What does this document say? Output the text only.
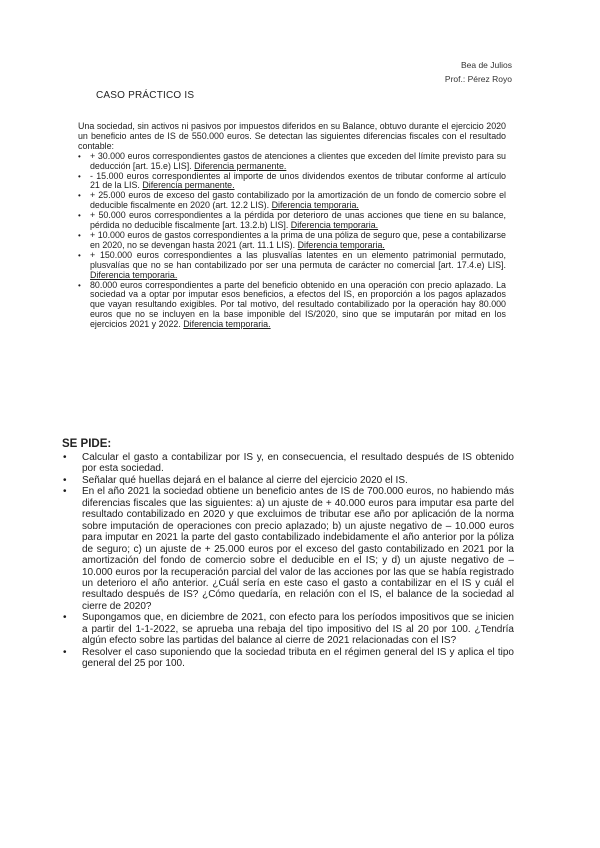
Bea de Julios
Prof.: Pérez Royo
CASO PRÁCTICO IS

Una sociedad, sin activos ni pasivos por impuestos diferidos en su Balance, obtuvo durante el ejercicio 2020 un beneficio antes de IS de 550.000 euros. Se detectan las siguientes diferencias fiscales con el resultado contable:

• + 30.000 euros correspondientes gastos de atenciones a clientes que exceden del límite previsto para su deducción [art. 15.e) LIS]. Diferencia permanente.
• - 15.000 euros correspondientes al importe de unos dividendos exentos de tributar conforme al artículo 21 de la LIS. Diferencia permanente.
• + 25.000 euros de exceso del gasto contabilizado por la amortización de un fondo de comercio sobre el deducible fiscalmente en 2020 (art. 12.2 LIS). Diferencia temporaria.
• + 50.000 euros correspondientes a la pérdida por deterioro de unas acciones que tiene en su balance, pérdida no deducible fiscalmente [art. 13.2.b) LIS]. Diferencia temporaria.
• + 10.000 euros de gastos correspondientes a la prima de una póliza de seguro que, pese a contabilizarse en 2020, no se devengan hasta 2021 (art. 11.1 LIS). Diferencia temporaria.
• + 150.000 euros correspondientes a las plusvalías latentes en un elemento patrimonial permutado, plusvalías que no se han contabilizado por ser una permuta de carácter no comercial [art. 17.4.e) LIS]. Diferencia temporaria.
• 80.000 euros correspondientes a parte del beneficio obtenido en una operación con precio aplazado. La sociedad va a optar por imputar esos beneficios, a efectos del IS, en proporción a los pagos aplazados que vayan resultando exigibles. Por tal motivo, del resultado contabilizado por la operación hay 80.000 euros que no se incluyen en la base imponible del IS/2020, sino que se imputarán por mitad en los ejercicios 2021 y 2022. Diferencia temporaria.
SE PIDE:
• Calcular el gasto a contabilizar por IS y, en consecuencia, el resultado después de IS obtenido por esta sociedad.
• Señalar qué huellas dejará en el balance al cierre del ejercicio 2020 el IS.
• En el año 2021 la sociedad obtiene un beneficio antes de IS de 700.000 euros, no habiendo más diferencias fiscales que las siguientes: a) un ajuste de + 40.000 euros para imputar esa parte del resultado contabilizado en 2020 y que excluimos de tributar ese año por aplicación de la norma sobre imputación de operaciones con precio aplazado; b) un ajuste negativo de – 10.000 euros para imputar en 2021 la parte del gasto contabilizado indebidamente el año anterior por la póliza de seguro; c) un ajuste de + 25.000 euros por el exceso del gasto contabilizado en 2021 por la amortización del fondo de comercio sobre el deducible en el IS; y d) un ajuste negativo de – 10.000 euros por la recuperación parcial del valor de las acciones por las que se había registrado un deterioro el año anterior. ¿Cuál sería en este caso el gasto a contabilizar en el IS y cuál el resultado después de IS? ¿Cómo quedaría, en relación con el IS, el balance de la sociedad al cierre de 2020?
• Supongamos que, en diciembre de 2021, con efecto para los períodos impositivos que se inicien a partir del 1-1-2022, se aprueba una rebaja del tipo impositivo del IS al 20 por 100. ¿Tendría algún efecto sobre las partidas del balance al cierre de 2021 relacionadas con el IS?
• Resolver el caso suponiendo que la sociedad tributa en el régimen general del IS y aplica el tipo general del 25 por 100.
